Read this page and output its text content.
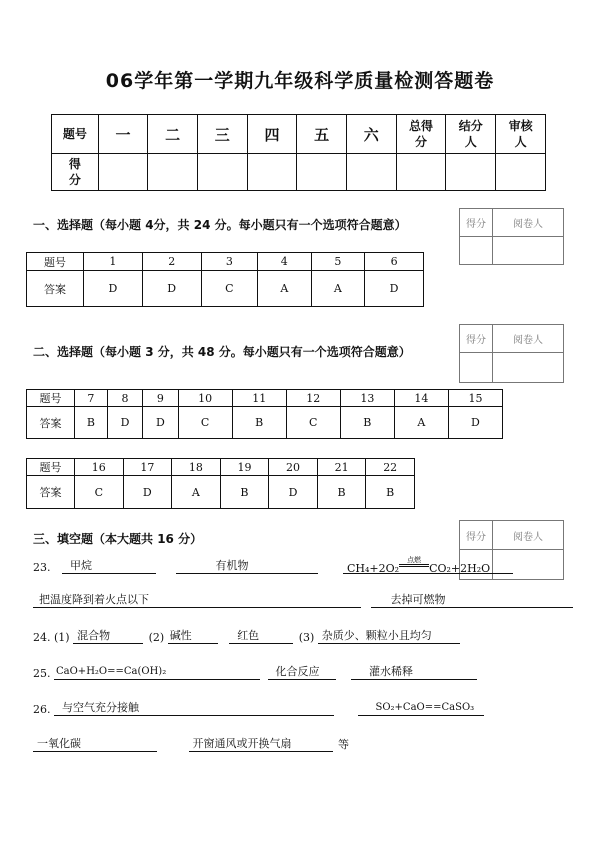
06学年第一学期九年级科学质量检测答题卷
题号	一	二	三	四	五	六	总得分	结分人	审核人

得分									

一、选择题（每小题 4分，共 24 分。每小题只有一个选项符合题意）	得分	阅卷人

题号	1	2	3	4	5	6
答案	D	D	C	A	A	D
二、选择题（每小题 3 分，共 48 分。每小题只有一个选项符合题意）
得分	阅卷人

题号	7	8	9	10	11	12	13	14	15
答案	B	D	D	C	B	C	B	A	D
题号	16	17	18	19	20	21	22
答案	C	D	A	B	D	B	B
三、填空题（本大题共 16 分）	得分	阅卷人

23. 甲烷	有机物	CH₄+2O₂
点燃
CO₂+2H₂O
把温度降到着火点以下	去掉可燃物
24. (1) 混合物	(2) 碱性	红色	(3) 杂质少、颗粒小且均匀
25. CaO+H₂O==Ca(OH)₂	化合反应	灌水稀释
26. 与空气充分接触	SO₂+CaO==CaSO₃
一氧化碳	开窗通风或开换气扇	等
